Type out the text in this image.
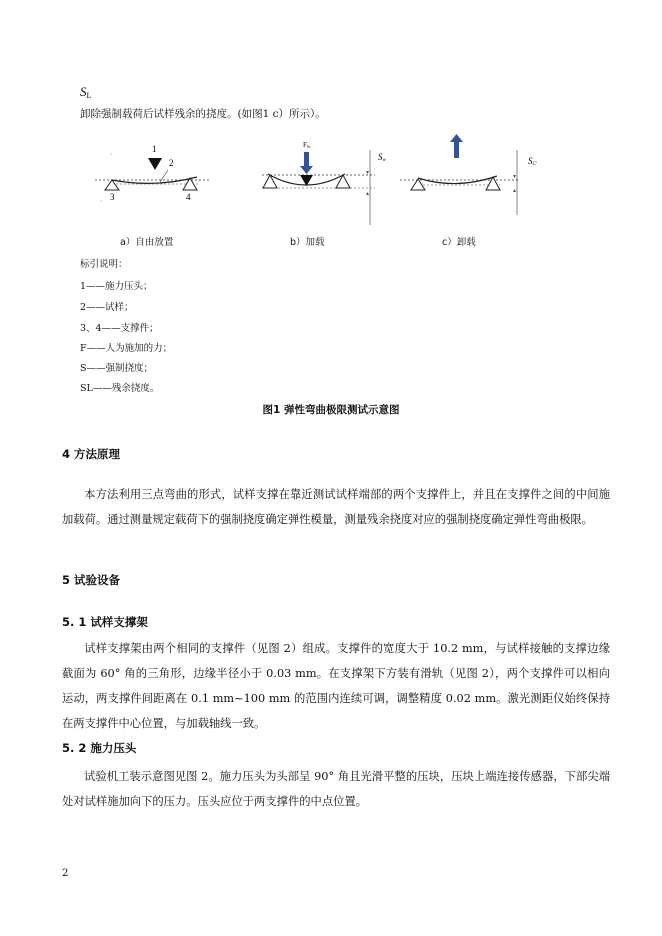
$S_L$
卸除强制载荷后试样残余的挠度。(如图1 c）所示）。
1
2
3	4
ˇ
ˇ
Fw
Sw
▾
▴
SC'
▾
▴
a）自由放置	b）加载	c）卸载
标引说明：
1——施力压头；
2——试样；
3、4——支撑件；
F——人为施加的力；
S——强制挠度；
SL——残余挠度。
图1 弹性弯曲极限测试示意图
4 方法原理
本方法利用三点弯曲的形式，试样支撑在靠近测试试样端部的两个支撑件上，并且在支撑件之间的中间施加载荷。通过测量规定载荷下的强制挠度确定弹性模量，测量残余挠度对应的强制挠度确定弹性弯曲极限。
5 试验设备
5. 1 试样支撑架
试样支撑架由两个相同的支撑件（见图 2）组成。支撑件的宽度大于 10.2 mm，与试样接触的支撑边缘截面为 60° 角的三角形，边缘半径小于 0.03 mm。在支撑架下方装有滑轨（见图 2），两个支撑件可以相向运动，两支撑件间距离在 0.1 mm~100 mm 的范围内连续可调，调整精度 0.02 mm。激光测距仪始终保持在两支撑件中心位置，与加载轴线一致。
5. 2 施力压头
试验机工装示意图见图 2。施力压头为头部呈 90° 角且光滑平整的压块，压块上端连接传感器，下部尖端处对试样施加向下的压力。压头应位于两支撑件的中点位置。
2
